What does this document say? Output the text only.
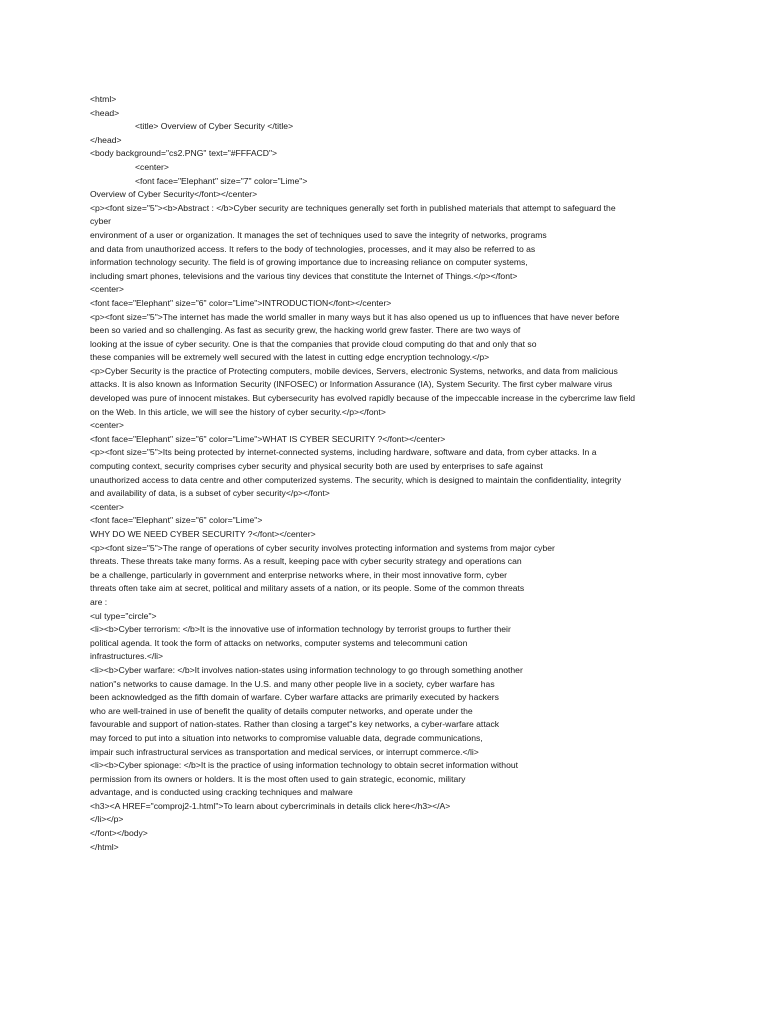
<html>
<head>
<title> Overview of Cyber Security </title>
</head>
<body background="cs2.PNG" text="#FFFACD">
<center>
<font face="Elephant" size="7" color="Lime">
Overview of Cyber Security</font></center>
<p><font size="5"><b>Abstract : </b>Cyber security are techniques generally set forth in published materials that attempt to safeguard the
cyber
environment of a user or organization. It manages the set of techniques used to save the integrity of networks, programs
and data from unauthorized access. It refers to the body of technologies, processes, and it may also be referred to as
information technology security. The field is of growing importance due to increasing reliance on computer systems,
including smart phones, televisions and the various tiny devices that constitute the Internet of Things.</p></font>
<center>
<font face="Elephant" size="6" color="Lime">INTRODUCTION</font></center>
<p><font size="5">The internet has made the world smaller in many ways but it has also opened us up to influences that have never before
been so varied and so challenging. As fast as security grew, the hacking world grew faster. There are two ways of
looking at the issue of cyber security. One is that the companies that provide cloud computing do that and only that so
these companies will be extremely well secured with the latest in cutting edge encryption technology.</p>
<p>Cyber Security is the practice of Protecting computers, mobile devices, Servers, electronic Systems, networks, and data from malicious
attacks. It is also known as Information Security (INFOSEC) or Information Assurance (IA), System Security. The first cyber malware virus
developed was pure of innocent mistakes. But cybersecurity has evolved rapidly because of the impeccable increase in the cybercrime law field
on the Web. In this article, we will see the history of cyber security.</p></font>
<center>
<font face="Elephant" size="6" color="Lime">WHAT IS CYBER SECURITY ?</font></center>
<p><font size="5">Its being protected by internet-connected systems, including hardware, software and data, from cyber attacks. In a
computing context, security comprises cyber security and physical security both are used by enterprises to safe against
unauthorized access to data centre and other computerized systems. The security, which is designed to maintain the confidentiality, integrity
and availability of data, is a subset of cyber security</p></font>
<center>
<font face="Elephant" size="6" color="Lime">
WHY DO WE NEED CYBER SECURITY ?</font></center>
<p><font size="5">The range of operations of cyber security involves protecting information and systems from major cyber
threats. These threats take many forms. As a result, keeping pace with cyber security strategy and operations can
be a challenge, particularly in government and enterprise networks where, in their most innovative form, cyber
threats often take aim at secret, political and military assets of a nation, or its people. Some of the common threats
are :
<ul type="circle">
<li><b>Cyber terrorism: </b>It is the innovative use of information technology by terrorist groups to further their
political agenda. It took the form of attacks on networks, computer systems and telecommuni cation
infrastructures.</li>
<li><b>Cyber warfare: </b>It involves nation-states using information technology to go through something another
nation"s networks to cause damage. In the U.S. and many other people live in a society, cyber warfare has
been acknowledged as the fifth domain of warfare. Cyber warfare attacks are primarily executed by hackers
who are well-trained in use of benefit the quality of details computer networks, and operate under the
favourable and support of nation-states. Rather than closing a target"s key networks, a cyber-warfare attack
may forced to put into a situation into networks to compromise valuable data, degrade communications,
impair such infrastructural services as transportation and medical services, or interrupt commerce.</li>
<li><b>Cyber spionage: </b>It is the practice of using information technology to obtain secret information without
permission from its owners or holders. It is the most often used to gain strategic, economic, military
advantage, and is conducted using cracking techniques and malware
<h3><A HREF="comproj2-1.html">To learn about cybercriminals in details click here</h3></A>
</li></p>
</font></body>
</html>
